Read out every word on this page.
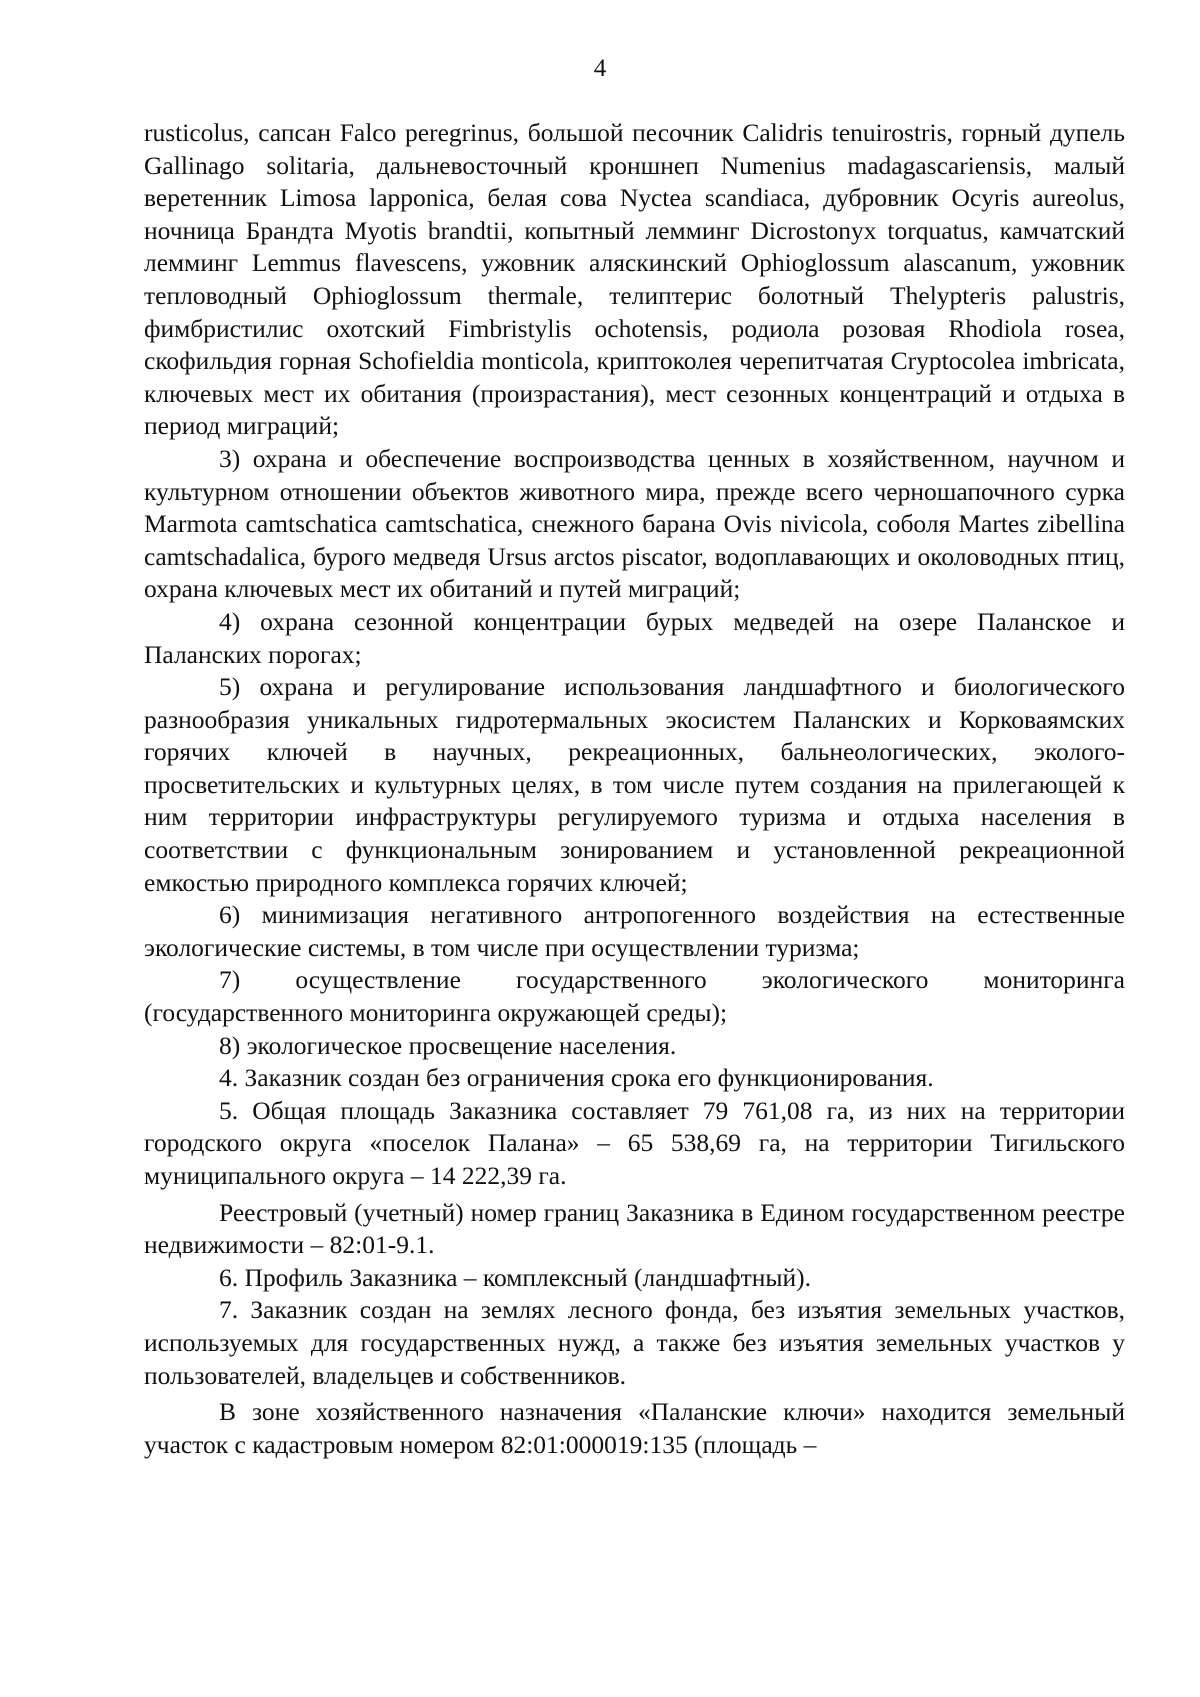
4

rusticolus, сапсан Falco peregrinus, большой песочник Calidris tenuirostris, горный дупель Gallinago solitaria, дальневосточный кроншнеп Numenius madagascariensis, малый веретенник Limosa lapponica, белая сова Nyctea scandiaca, дубровник Ocyris aureolus, ночница Брандта Myotis brandtii, копытный лемминг Dicrostonyx torquatus, камчатский лемминг Lemmus flavescens, ужовник аляскинский Ophioglossum alascanum, ужовник тепловодный Ophioglossum thermale, телиптерис болотный Thelypteris palustris, фимбристилис охотский Fimbristylis ochotensis, родиола розовая Rhodiola rosea, скофильдия горная Schofieldia monticola, криптоколея черепитчатая Cryptocolea imbricata, ключевых мест их обитания (произрастания), мест сезонных концентраций и отдыха в период миграций;

3) охрана и обеспечение воспроизводства ценных в хозяйственном, научном и культурном отношении объектов животного мира, прежде всего черношапочного сурка Marmota camtschatica camtschatica, снежного барана Ovis nivicola, соболя Martes zibellina camtschadalica, бурого медведя Ursus arctos piscator, водоплавающих и околоводных птиц, охрана ключевых мест их обитаний и путей миграций;

4) охрана сезонной концентрации бурых медведей на озере Паланское и Паланских порогах;

5) охрана и регулирование использования ландшафтного и биологического разнообразия уникальных гидротермальных экосистем Паланских и Корковаямских горячих ключей в научных, рекреационных, бальнеологических, эколого-просветительских и культурных целях, в том числе путем создания на прилегающей к ним территории инфраструктуры регулируемого туризма и отдыха населения в соответствии с функциональным зонированием и установленной рекреационной емкостью природного комплекса горячих ключей;

6) минимизация негативного антропогенного воздействия на естественные экологические системы, в том числе при осуществлении туризма;

7) осуществление государственного экологического мониторинга (государственного мониторинга окружающей среды);

8) экологическое просвещение населения.

4. Заказник создан без ограничения срока его функционирования.

5. Общая площадь Заказника составляет 79 761,08 га, из них на территории городского округа «поселок Палана» – 65 538,69 га, на территории Тигильского муниципального округа – 14 222,39 га.

Реестровый (учетный) номер границ Заказника в Едином государственном реестре недвижимости – 82:01-9.1.

6. Профиль Заказника – комплексный (ландшафтный).

7. Заказник создан на землях лесного фонда, без изъятия земельных участков, используемых для государственных нужд, а также без изъятия земельных участков у пользователей, владельцев и собственников.

В зоне хозяйственного назначения «Паланские ключи» находится земельный участок с кадастровым номером 82:01:000019:135 (площадь –
